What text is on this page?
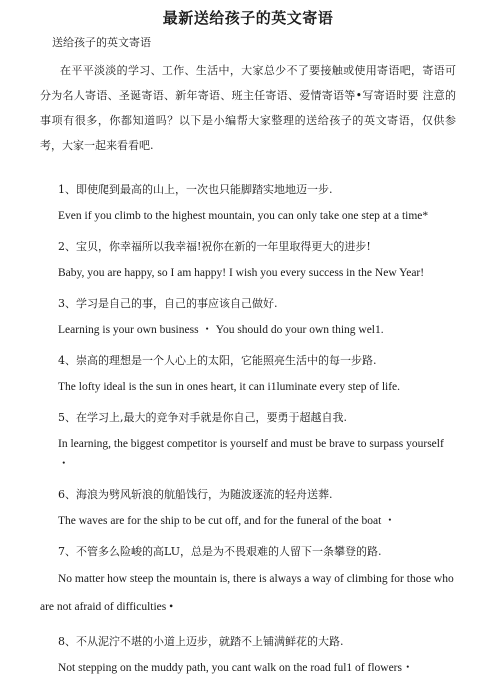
最新送给孩子的英文寄语

送给孩子的英文寄语

在平平淡淡的学习、工作、生活中，大家总少不了要接触或使用寄语吧，寄语可 分为名人寄语、圣诞寄语、新年寄语、班主任寄语、爱情寄语等•写寄语时要 注意的 事项有很多，你都知道吗？以下是小编帮大家整理的送给孩子的英文寄语，仅供参考，大家一起来看看吧.

1、即使爬到最高的山上，一次也只能脚踏实地地迈一步.

Even if you climb to the highest mountain, you can only take one step at a time*

2、宝贝，你幸福所以我幸福!祝你在新的一年里取得更大的进步!

Baby, you are happy, so I am happy! I wish you every success in the New Year!

3、学习是自己的事，自己的事应该自己做好.

Learning is your own business ・ You should do your own thing wel1.

4、崇高的理想是一个人心上的太阳，它能照亮生活中的每一步路.

The lofty ideal is the sun in ones heart, it can i1luminate every step of life.

5、在学习上,最大的竞争对手就是你自己，要勇于超越自我.

In learning, the biggest competitor is yourself and must be brave to surpass yourself ・

6、海浪为劈风斩浪的航船饯行，为随波逐流的轻舟送葬.

The waves are for the ship to be cut off, and for the funeral of the boat ・

7、不管多么险峻的高LU，总是为不畏艰难的人留下一条攀登的路.

No matter how steep the mountain is, there is always a way of climbing for those who are not afraid of difficulties •

8、不从泥泞不堪的小道上迈步，就踏不上铺满鲜花的大路.

Not stepping on the muddy path, you cant walk on the road ful1 of flowers・
